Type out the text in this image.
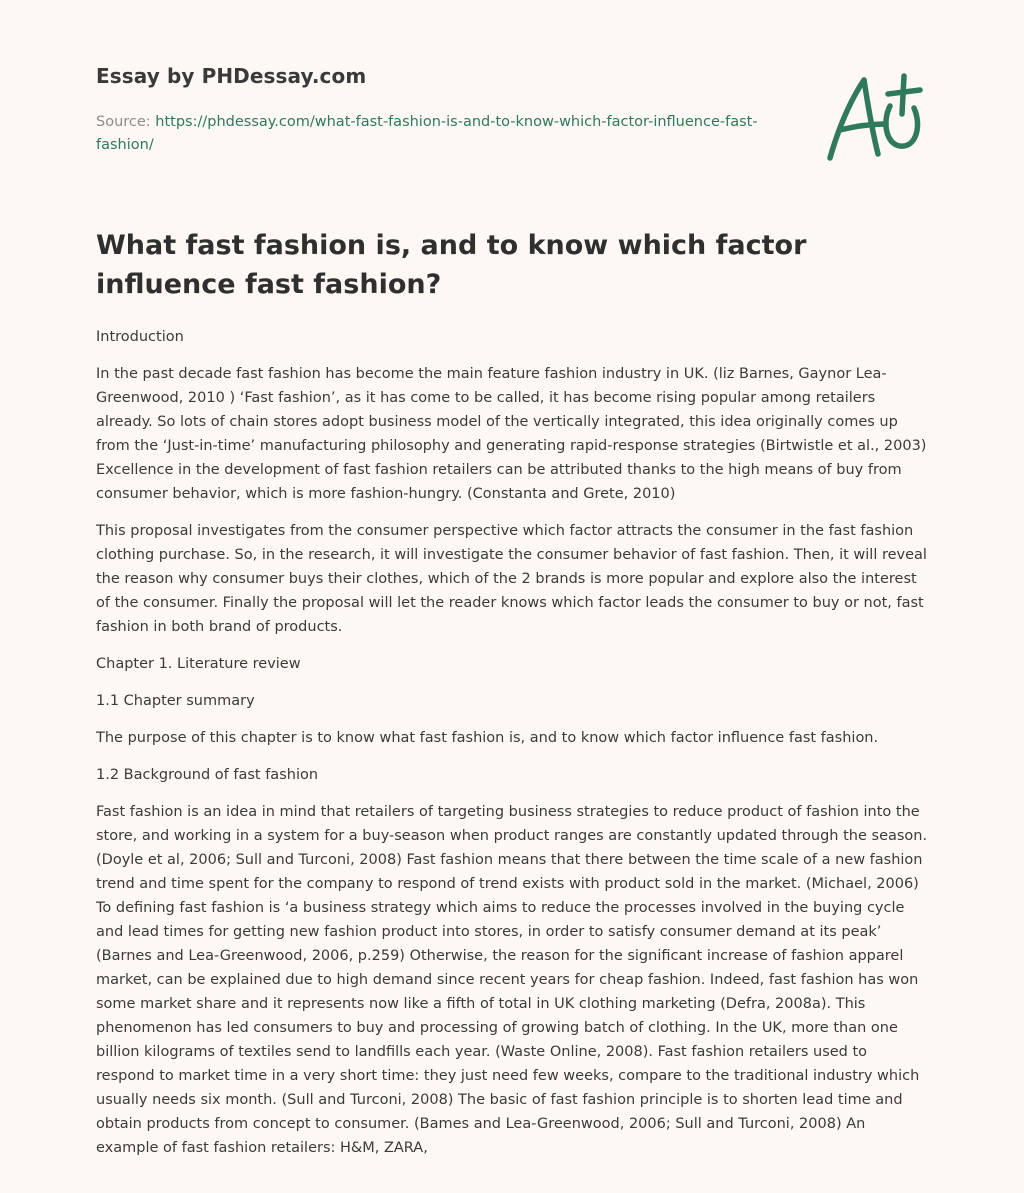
Essay by PHDessay.com
Source: https://phdessay.com/what-fast-fashion-is-and-to-know-which-factor-influence-fast-fashion/
What fast fashion is, and to know which factor influence fast fashion?

Introduction

In the past decade fast fashion has become the main feature fashion industry in UK. (liz Barnes, Gaynor Lea-Greenwood, 2010 ) ‘Fast fashion’, as it has come to be called, it has become rising popular among retailers already. So lots of chain stores adopt business model of the vertically integrated, this idea originally comes up from the ‘Just-in-time’ manufacturing philosophy and generating rapid-response strategies (Birtwistle et al., 2003) Excellence in the development of fast fashion retailers can be attributed thanks to the high means of buy from consumer behavior, which is more fashion-hungry. (Constanta and Grete, 2010)

This proposal investigates from the consumer perspective which factor attracts the consumer in the fast fashion clothing purchase. So, in the research, it will investigate the consumer behavior of fast fashion. Then, it will reveal the reason why consumer buys their clothes, which of the 2 brands is more popular and explore also the interest of the consumer. Finally the proposal will let the reader knows which factor leads the consumer to buy or not, fast fashion in both brand of products.

Chapter 1. Literature review

1.1 Chapter summary

The purpose of this chapter is to know what fast fashion is, and to know which factor influence fast fashion.

1.2 Background of fast fashion

Fast fashion is an idea in mind that retailers of targeting business strategies to reduce product of fashion into the store, and working in a system for a buy-season when product ranges are constantly updated through the season. (Doyle et al, 2006; Sull and Turconi, 2008) Fast fashion means that there between the time scale of a new fashion trend and time spent for the company to respond of trend exists with product sold in the market. (Michael, 2006) To defining fast fashion is ‘a business strategy which aims to reduce the processes involved in the buying cycle and lead times for getting new fashion product into stores, in order to satisfy consumer demand at its peak’ (Barnes and Lea-Greenwood, 2006, p.259) Otherwise, the reason for the significant increase of fashion apparel market, can be explained due to high demand since recent years for cheap fashion. Indeed, fast fashion has won some market share and it represents now like a fifth of total in UK clothing marketing (Defra, 2008a). This phenomenon has led consumers to buy and processing of growing batch of clothing. In the UK, more than one billion kilograms of textiles send to landfills each year. (Waste Online, 2008). Fast fashion retailers used to respond to market time in a very short time: they just need few weeks, compare to the traditional industry which usually needs six month. (Sull and Turconi, 2008) The basic of fast fashion principle is to shorten lead time and obtain products from concept to consumer. (Bames and Lea-Greenwood, 2006; Sull and Turconi, 2008) An example of fast fashion retailers: H&M, ZARA,
